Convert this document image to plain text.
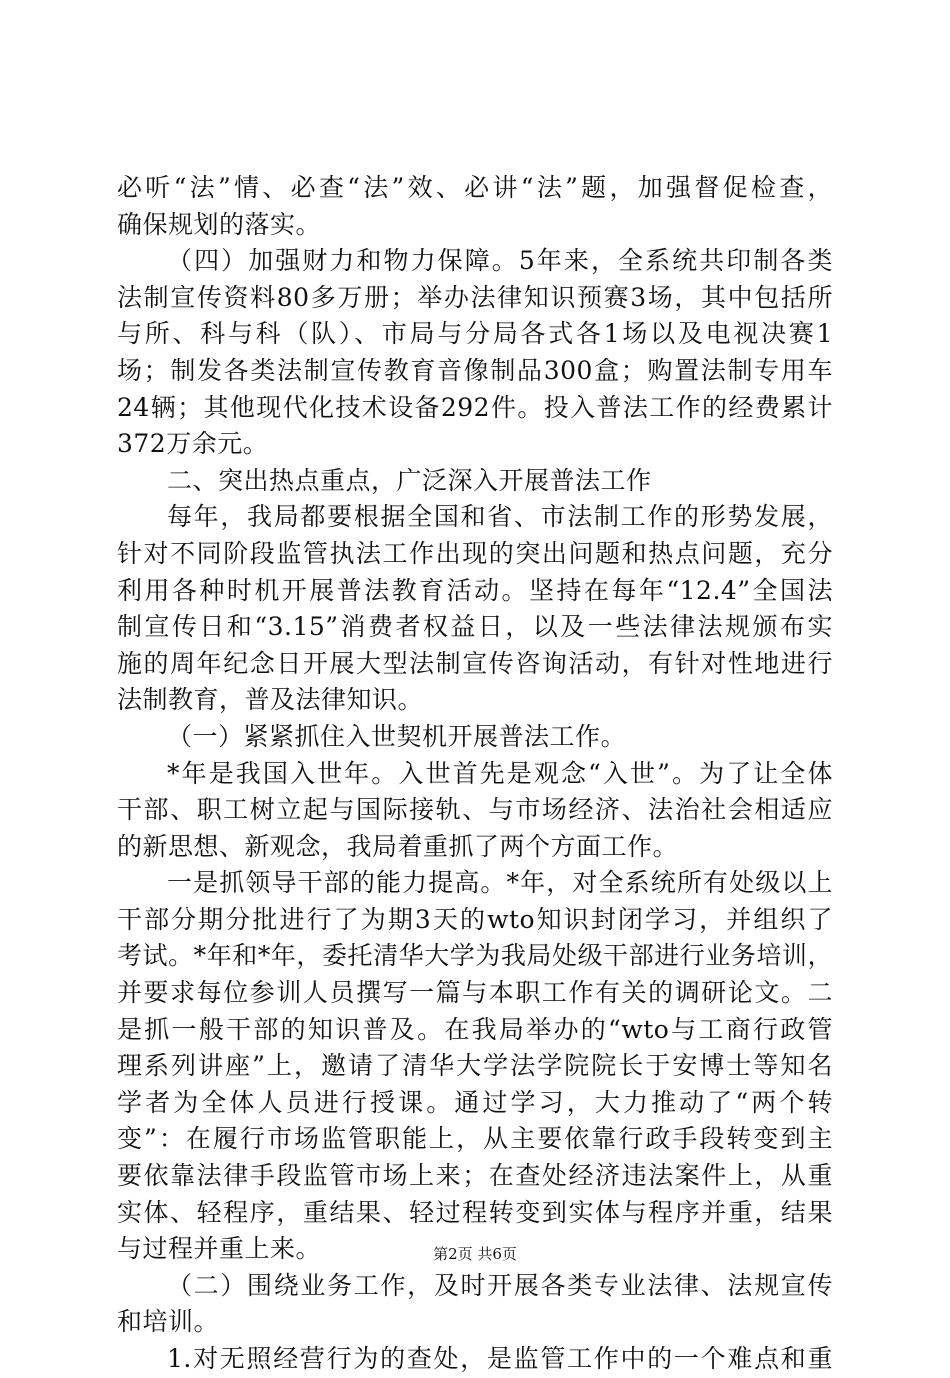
必听“法”情、必查“法”效、必讲“法”题，加强督促检查，
确保规划的落实。
（四）加强财力和物力保障。5年来，全系统共印制各类
法制宣传资料80多万册；举办法律知识预赛3场，其中包括所
与所、科与科（队）、市局与分局各式各1场以及电视决赛1
场；制发各类法制宣传教育音像制品300盒；购置法制专用车
24辆；其他现代化技术设备292件。投入普法工作的经费累计
372万余元。
二、突出热点重点，广泛深入开展普法工作
每年，我局都要根据全国和省、市法制工作的形势发展，
针对不同阶段监管执法工作出现的突出问题和热点问题，充分
利用各种时机开展普法教育活动。坚持在每年“12.4”全国法
制宣传日和“3.15”消费者权益日，以及一些法律法规颁布实
施的周年纪念日开展大型法制宣传咨询活动，有针对性地进行
法制教育，普及法律知识。
（一）紧紧抓住入世契机开展普法工作。
*年是我国入世年。入世首先是观念“入世”。为了让全体
干部、职工树立起与国际接轨、与市场经济、法治社会相适应
的新思想、新观念，我局着重抓了两个方面工作。
一是抓领导干部的能力提高。*年，对全系统所有处级以上
干部分期分批进行了为期3天的wto知识封闭学习，并组织了
考试。*年和*年，委托清华大学为我局处级干部进行业务培训，
并要求每位参训人员撰写一篇与本职工作有关的调研论文。二
是抓一般干部的知识普及。在我局举办的“wto与工商行政管
理系列讲座”上，邀请了清华大学法学院院长于安博士等知名
学者为全体人员进行授课。通过学习，大力推动了“两个转
变”：在履行市场监管职能上，从主要依靠行政手段转变到主
要依靠法律手段监管市场上来；在查处经济违法案件上，从重
实体、轻程序，重结果、轻过程转变到实体与程序并重，结果
与过程并重上来。
（二）围绕业务工作，及时开展各类专业法律、法规宣传
和培训。
1.对无照经营行为的查处，是监管工作中的一个难点和重
第2页 共6页
